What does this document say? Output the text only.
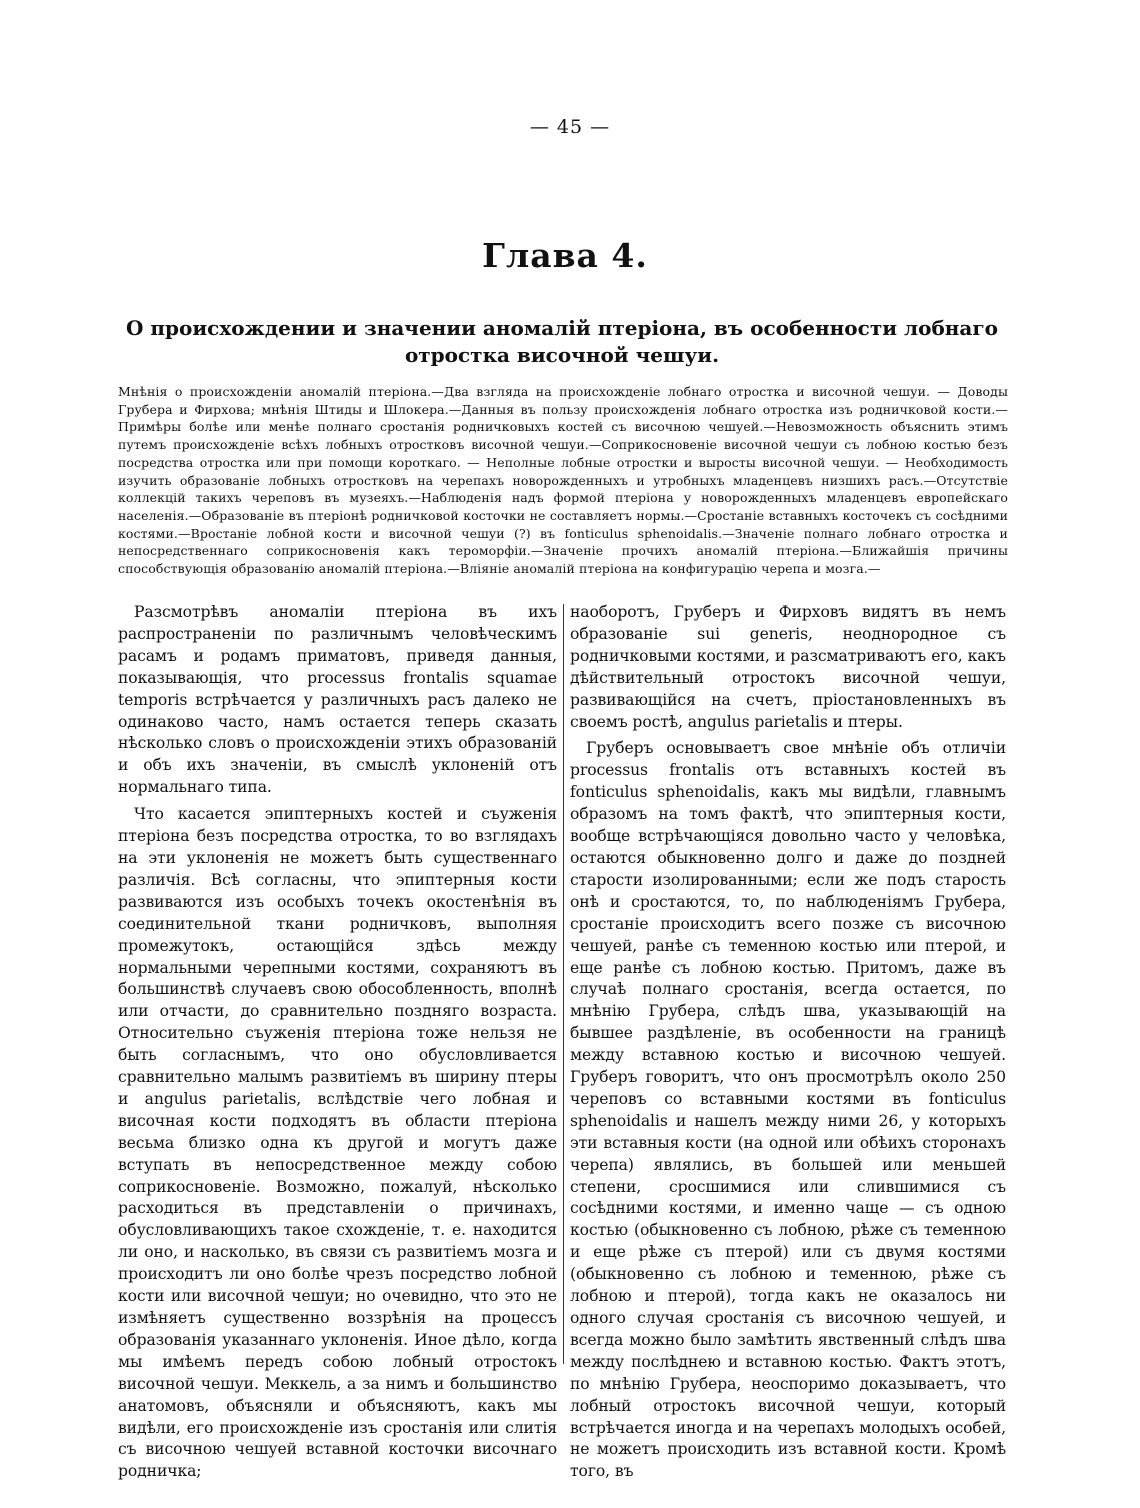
— 45 —
Глава 4.
О происхождении и значении аномалій птеріона, въ особенности лобнаго отростка височной чешуи.
Мнѣнія о происхожденіи аномалій птеріона.—Два взгляда на происхожденіе лобнаго отростка и височной чешуи. — Доводы Грубера и Фирхова; мнѣнія Штиды и Шлокера.—Данныя въ пользу происхожденія лобнаго отростка изъ родничковой кости.—Примѣры болѣе или менѣе полнаго сростанія родничковыхъ костей съ височною чешуей.—Невозможность объяснить этимъ путемъ происхожденіе всѣхъ лобныхъ отростковъ височной чешуи.—Соприкосновеніе височной чешуи съ лобною костью безъ посредства отростка или при помощи короткаго. — Неполные лобные отростки и выросты височной чешуи. — Необходимость изучить образованіе лобныхъ отростковъ на черепахъ новорожденныхъ и утробныхъ младенцевъ низшихъ расъ.—Отсутствіе коллекцій такихъ череповъ въ музеяхъ.—Наблюденія надъ формой птеріона у новорожденныхъ младенцевъ европейскаго населенія.—Образованіе въ птеріонѣ родничковой косточки не составляетъ нормы.—Сростаніе вставныхъ косточекъ съ сосѣдними костями.—Вростаніе лобной кости и височной чешуи (?) въ fonticulus sphenoidalis.—Значеніе полнаго лобнаго отростка и непосредственнаго соприкосновенія какъ тероморфіи.—Значеніе прочихъ аномалій птеріона.—Ближайшія причины способствующія образованію аномалій птеріона.—Вліяніе аномалій птеріона на конфигурацію черепа и мозга.—

Разсмотрѣвъ аномаліи птеріона въ ихъ распространеніи по различнымъ человѣческимъ расамъ и родамъ приматовъ, приведя данныя, показывающія, что processus frontalis squamae temporis встрѣчается у различныхъ расъ далеко не одинаково часто, намъ остается теперь сказать нѣсколько словъ о происхожденіи этихъ образованій и объ ихъ значеніи, въ смыслѣ уклоненій отъ нормальнаго типа.

Что касается эпиптерныхъ костей и съуженія птеріона безъ посредства отростка, то во взглядахъ на эти уклоненія не можетъ быть существеннаго различія. Всѣ согласны, что эпиптерныя кости развиваются изъ особыхъ точекъ окостенѣнія въ соединительной ткани родничковъ, выполняя промежутокъ, остающійся здѣсь между нормальными черепными костями, сохраняютъ въ большинствѣ случаевъ свою обособленность, вполнѣ или отчасти, до сравнительно поздняго возраста. Относительно съуженія птеріона тоже нельзя не быть согласнымъ, что оно обусловливается сравнительно малымъ развитіемъ въ ширину птеры и angulus parietalis, вслѣдствіе чего лобная и височная кости подходятъ въ области птеріона весьма близко одна къ другой и могутъ даже вступать въ непосредственное между собою соприкосновеніе. Возможно, пожалуй, нѣсколько расходиться въ представленіи о причинахъ, обусловливающихъ такое схожденіе, т. е. находится ли оно, и насколько, въ связи съ развитіемъ мозга и происходитъ ли оно болѣе чрезъ посредство лобной кости или височной чешуи; но очевидно, что это не измѣняетъ существенно воззрѣнія на процессъ образованія указаннаго уклоненія. Иное дѣло, когда мы имѣемъ передъ собою лобный отростокъ височной чешуи. Меккель, а за нимъ и большинство анатомовъ, объясняли и объясняютъ, какъ мы видѣли, его происхожденіе изъ сростанія или слитія съ височною чешуей вставной косточки височнаго родничка;

наоборотъ, Груберъ и Фирховъ видятъ въ немъ образованіе sui generis, неоднородное съ родничковыми костями, и разсматриваютъ его, какъ дѣйствительный отростокъ височной чешуи, развивающійся на счетъ, пріостановленныхъ въ своемъ ростѣ, angulus parietalis и птеры.

Груберъ основываетъ свое мнѣніе объ отличіи processus frontalis отъ вставныхъ костей въ fonticulus sphenoidalis, какъ мы видѣли, главнымъ образомъ на томъ фактѣ, что эпиптерныя кости, вообще встрѣчающіяся довольно часто у человѣка, остаются обыкновенно долго и даже до поздней старости изолированными; если же подъ старость онѣ и сростаются, то, по наблюденіямъ Грубера, сростаніе происходитъ всего позже съ височною чешуей, ранѣе съ теменною костью или птерой, и еще ранѣе съ лобною костью. Притомъ, даже въ случаѣ полнаго сростанія, всегда остается, по мнѣнію Грубера, слѣдъ шва, указывающій на бывшее раздѣленіе, въ особенности на границѣ между вставною костью и височною чешуей. Груберъ говоритъ, что онъ просмотрѣлъ около 250 череповъ со вставными костями въ fonticulus sphenoidalis и нашелъ между ними 26, у которыхъ эти вставныя кости (на одной или обѣихъ сторонахъ черепа) являлись, въ большей или меньшей степени, сросшимися или слившимися съ сосѣдними костями, и именно чаще — съ одною костью (обыкновенно съ лобною, рѣже съ теменною и еще рѣже съ птерой) или съ двумя костями (обыкновенно съ лобною и теменною, рѣже съ лобною и птерой), тогда какъ не оказалось ни одного случая сростанія съ височною чешуей, и всегда можно было замѣтить явственный слѣдъ шва между послѣднею и вставною костью. Фактъ этотъ, по мнѣнію Грубера, неоспоримо доказываетъ, что лобный отростокъ височной чешуи, который встрѣчается иногда и на черепахъ молодыхъ особей, не можетъ происходить изъ вставной кости. Кромѣ того, въ
